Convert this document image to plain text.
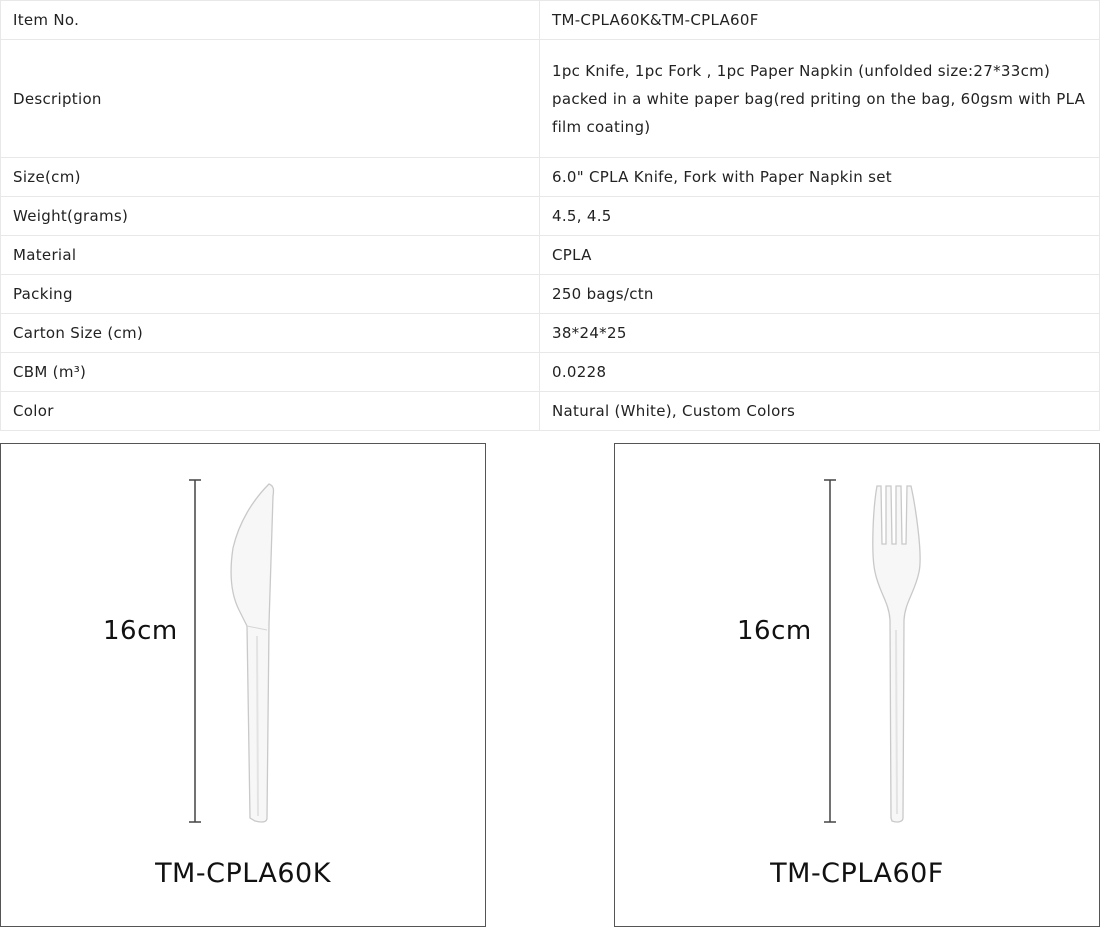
Item No.	TM-CPLA60K&TM-CPLA60F
Description	1pc Knife, 1pc Fork , 1pc Paper Napkin (unfolded size:27*33cm) packed in a white paper bag(red priting on the bag, 60gsm with PLA film coating)
Size(cm)	6.0" CPLA Knife, Fork with Paper Napkin set
Weight(grams)	4.5, 4.5
Material	CPLA
Packing	250 bags/ctn
Carton Size (cm)	38*24*25
CBM (m³)	0.0228
Color	Natural (White), Custom Colors
16cm
TM-CPLA60K
16cm
TM-CPLA60F
